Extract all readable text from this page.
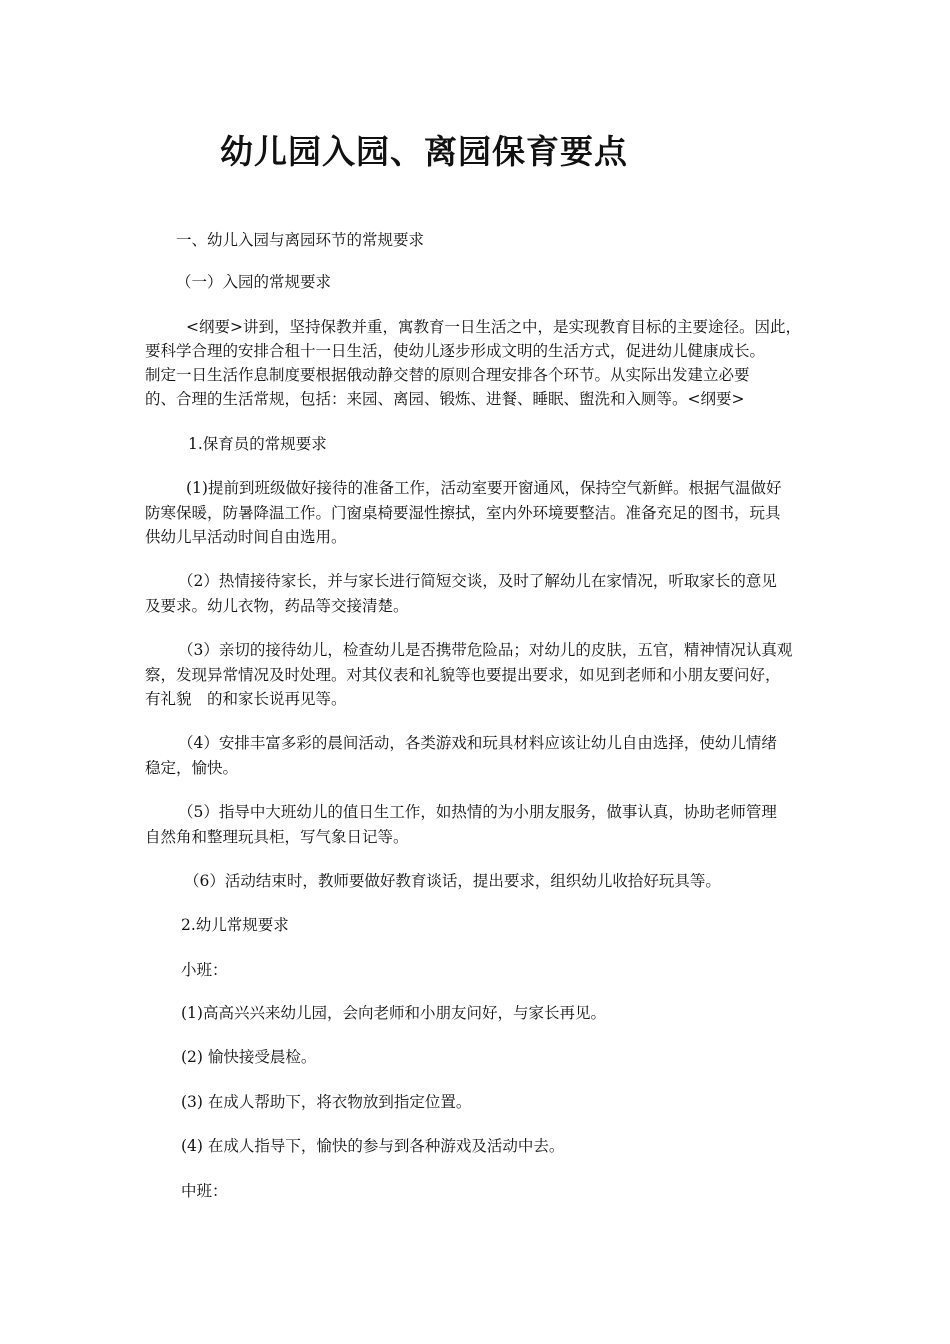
幼儿园入园、离园保育要点
一、幼儿入园与离园环节的常规要求
（一）入园的常规要求
<纲要>讲到，坚持保教并重，寓教育一日生活之中，是实现教育目标的主要途径。因此，
要科学合理的安排合租十一日生活，使幼儿逐步形成文明的生活方式，促进幼儿健康成长。
制定一日生活作息制度要根据俄动静交替的原则合理安排各个环节。从实际出发建立必要
的、合理的生活常规，包括：来园、离园、锻炼、进餐、睡眠、盥洗和入厕等。<纲要>
1.保育员的常规要求
(1)提前到班级做好接待的准备工作，活动室要开窗通风，保持空气新鲜。根据气温做好
防寒保暖，防暑降温工作。门窗桌椅要湿性擦拭，室内外环境要整洁。准备充足的图书，玩具
供幼儿早活动时间自由选用。
（2）热情接待家长，并与家长进行简短交谈，及时了解幼儿在家情况，听取家长的意见
及要求。幼儿衣物，药品等交接清楚。
（3）亲切的接待幼儿，检查幼儿是否携带危险品；对幼儿的皮肤，五官，精神情况认真观
察，发现异常情况及时处理。对其仪表和礼貌等也要提出要求，如见到老师和小朋友要问好，
有礼貌　的和家长说再见等。
（4）安排丰富多彩的晨间活动，各类游戏和玩具材料应该让幼儿自由选择，使幼儿情绪
稳定，愉快。
（5）指导中大班幼儿的值日生工作，如热情的为小朋友服务，做事认真，协助老师管理
自然角和整理玩具柜，写气象日记等。
（6）活动结束时，教师要做好教育谈话，提出要求，组织幼儿收拾好玩具等。
2.幼儿常规要求
小班：
(1)高高兴兴来幼儿园，会向老师和小朋友问好，与家长再见。
(2) 愉快接受晨检。
(3) 在成人帮助下，将衣物放到指定位置。
(4) 在成人指导下，愉快的参与到各种游戏及活动中去。
中班：
